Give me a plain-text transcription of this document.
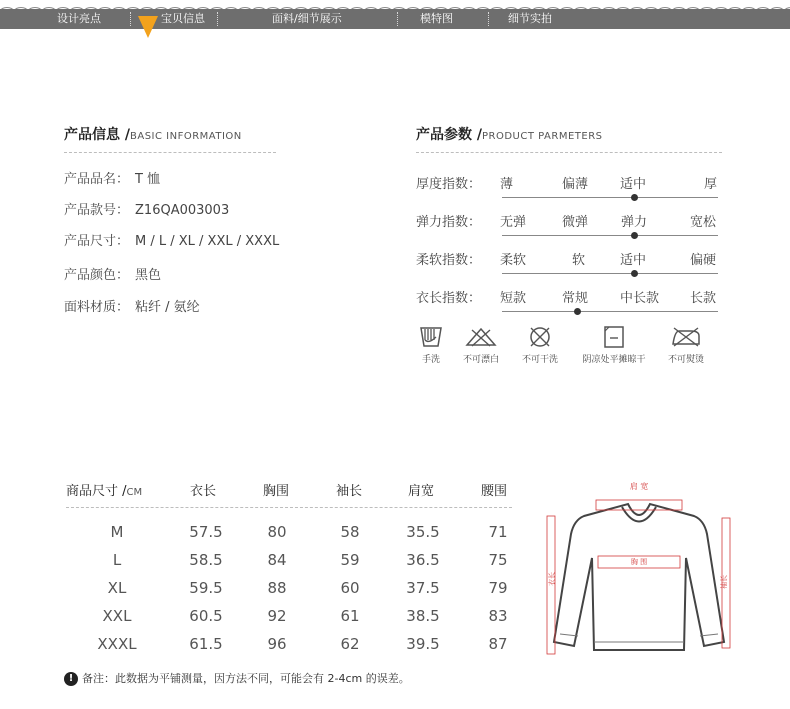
设计亮点	宝贝信息	面料/细节展示	模特图	细节实拍
产品信息 /BASIC INFORMATION
产品品名： T 恤
产品款号： Z16QA003003
产品尺寸： M / L / XL / XXL / XXXL
产品颜色： 黑色
面料材质： 粘纤 / 氨纶
产品参数 /PRODUCT PARMETERS
厚度指数： 薄	偏薄 适中	厚
弹力指数： 无弹	微弹	弹力	宽松
柔软指数： 柔软	软	适中	偏硬
衣长指数： 短款	常规 中长款 长款
手洗	不可漂白	不可干洗	阴凉处平摊晾干	不可熨烫
商品尺寸 /CM	衣长	胸围	袖长	肩宽	腰围
M	57.5	80	58	35.5	71
L	58.5	84	59	36.5	75
XL	59.5	88	60	37.5	79
XXL	60.5	92	61	38.5	83
XXXL	61.5	96	62	39.5	87
肩 宽
胸 围
衣长	袖长
! 备注：此数据为平铺测量，因方法不同，可能会有 2-4cm 的误差。
